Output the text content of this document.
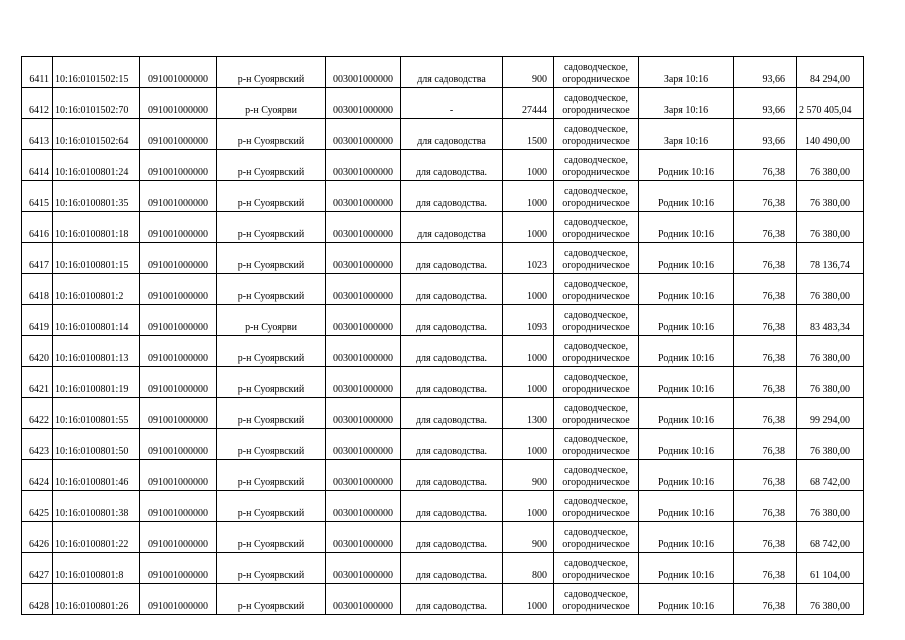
6411	10:16:0101502:15	091001000000	р-н Суоярвский	003001000000	для садоводства	900	садоводческое,
огородническое	Заря 10:16	93,66	84 294,00
6412	10:16:0101502:70	091001000000	р-н Суоярви	003001000000	-	27444	садоводческое,
огородническое	Заря 10:16	93,66	2 570 405,04
6413	10:16:0101502:64	091001000000	р-н Суоярвский	003001000000	для садоводства	1500	садоводческое,
огородническое	Заря 10:16	93,66	140 490,00
6414	10:16:0100801:24	091001000000	р-н Суоярвский	003001000000	для садоводства.	1000	садоводческое,
огородническое	Родник 10:16	76,38	76 380,00
6415	10:16:0100801:35	091001000000	р-н Суоярвский	003001000000	для садоводства.	1000	садоводческое,
огородническое	Родник 10:16	76,38	76 380,00
6416	10:16:0100801:18	091001000000	р-н Суоярвский	003001000000	для садоводства	1000	садоводческое,
огородническое	Родник 10:16	76,38	76 380,00
6417	10:16:0100801:15	091001000000	р-н Суоярвский	003001000000	для садоводства.	1023	садоводческое,
огородническое	Родник 10:16	76,38	78 136,74
6418	10:16:0100801:2	091001000000	р-н Суоярвский	003001000000	для садоводства.	1000	садоводческое,
огородническое	Родник 10:16	76,38	76 380,00
6419	10:16:0100801:14	091001000000	р-н Суоярви	003001000000	для садоводства.	1093	садоводческое,
огородническое	Родник 10:16	76,38	83 483,34
6420	10:16:0100801:13	091001000000	р-н Суоярвский	003001000000	для садоводства.	1000	садоводческое,
огородническое	Родник 10:16	76,38	76 380,00
6421	10:16:0100801:19	091001000000	р-н Суоярвский	003001000000	для садоводства.	1000	садоводческое,
огородническое	Родник 10:16	76,38	76 380,00
6422	10:16:0100801:55	091001000000	р-н Суоярвский	003001000000	для садоводства.	1300	садоводческое,
огородническое	Родник 10:16	76,38	99 294,00
6423	10:16:0100801:50	091001000000	р-н Суоярвский	003001000000	для садоводства.	1000	садоводческое,
огородническое	Родник 10:16	76,38	76 380,00
6424	10:16:0100801:46	091001000000	р-н Суоярвский	003001000000	для садоводства.	900	садоводческое,
огородническое	Родник 10:16	76,38	68 742,00
6425	10:16:0100801:38	091001000000	р-н Суоярвский	003001000000	для садоводства.	1000	садоводческое,
огородническое	Родник 10:16	76,38	76 380,00
6426	10:16:0100801:22	091001000000	р-н Суоярвский	003001000000	для садоводства.	900	садоводческое,
огородническое	Родник 10:16	76,38	68 742,00
6427	10:16:0100801:8	091001000000	р-н Суоярвский	003001000000	для садоводства.	800	садоводческое,
огородническое	Родник 10:16	76,38	61 104,00
6428	10:16:0100801:26	091001000000	р-н Суоярвский	003001000000	для садоводства.	1000	садоводческое,
огородническое	Родник 10:16	76,38	76 380,00
